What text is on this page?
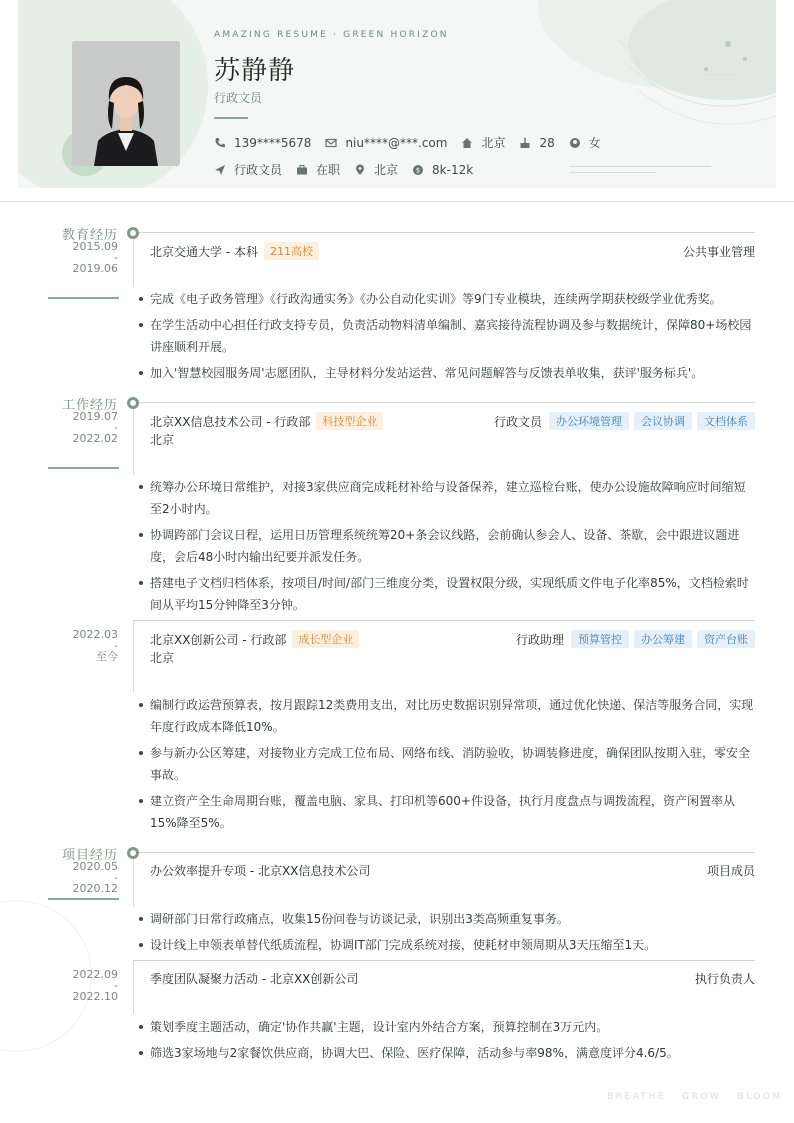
AMAZING RESUME · GREEN HORIZON
苏静静
行政文员
139****5678	niu****@***.com	北京	28	女
行政文员	在职	北京	$ 8k-12k
教育经历
2015.09
-
2019.06
北京交通大学 - 本科	211高校	公共事业管理
完成《电子政务管理》《行政沟通实务》《办公自动化实训》等9门专业模块，连续两学期获校级学业优秀奖。
在学生活动中心担任行政支持专员，负责活动物料清单编制、嘉宾接待流程协调及参与数据统计，保障80+场校园讲座顺利开展。
加入'智慧校园服务周'志愿团队，主导材料分发站运营、常见问题解答与反馈表单收集，获评'服务标兵'。
工作经历
2019.07
-
2022.02
北京XX信息技术公司 - 行政部	科技型企业
北京
行政文员	办公环境管理	会议协调	文档体系
统筹办公环境日常维护，对接3家供应商完成耗材补给与设备保养，建立巡检台账，使办公设施故障响应时间缩短至2小时内。
协调跨部门会议日程，运用日历管理系统统筹20+条会议线路，会前确认参会人、设备、茶歇，会中跟进议题进度，会后48小时内输出纪要并派发任务。
搭建电子文档归档体系，按项目/时间/部门三维度分类，设置权限分级，实现纸质文件电子化率85%，文档检索时间从平均15分钟降至3分钟。
2022.03
-
至今
北京XX创新公司 - 行政部	成长型企业
北京
行政助理	预算管控	办公筹建	资产台账
编制行政运营预算表，按月跟踪12类费用支出，对比历史数据识别异常项，通过优化快递、保洁等服务合同，实现年度行政成本降低10%。
参与新办公区筹建，对接物业方完成工位布局、网络布线、消防验收，协调装修进度，确保团队按期入驻，零安全事故。
建立资产全生命周期台账，覆盖电脑、家具、打印机等600+件设备，执行月度盘点与调拨流程，资产闲置率从15%降至5%。
项目经历
2020.05
-
2020.12
办公效率提升专项 - 北京XX信息技术公司	项目成员
调研部门日常行政痛点，收集15份问卷与访谈记录，识别出3类高频重复事务。
设计线上申领表单替代纸质流程，协调IT部门完成系统对接，使耗材申领周期从3天压缩至1天。
2022.09
-
2022.10
季度团队凝聚力活动 - 北京XX创新公司	执行负责人
策划季度主题活动，确定'协作共赢'主题，设计室内外结合方案，预算控制在3万元内。
筛选3家场地与2家餐饮供应商，协调大巴、保险、医疗保障，活动参与率98%，满意度评分4.6/5。
BREATHE · GROW · BLOOM
